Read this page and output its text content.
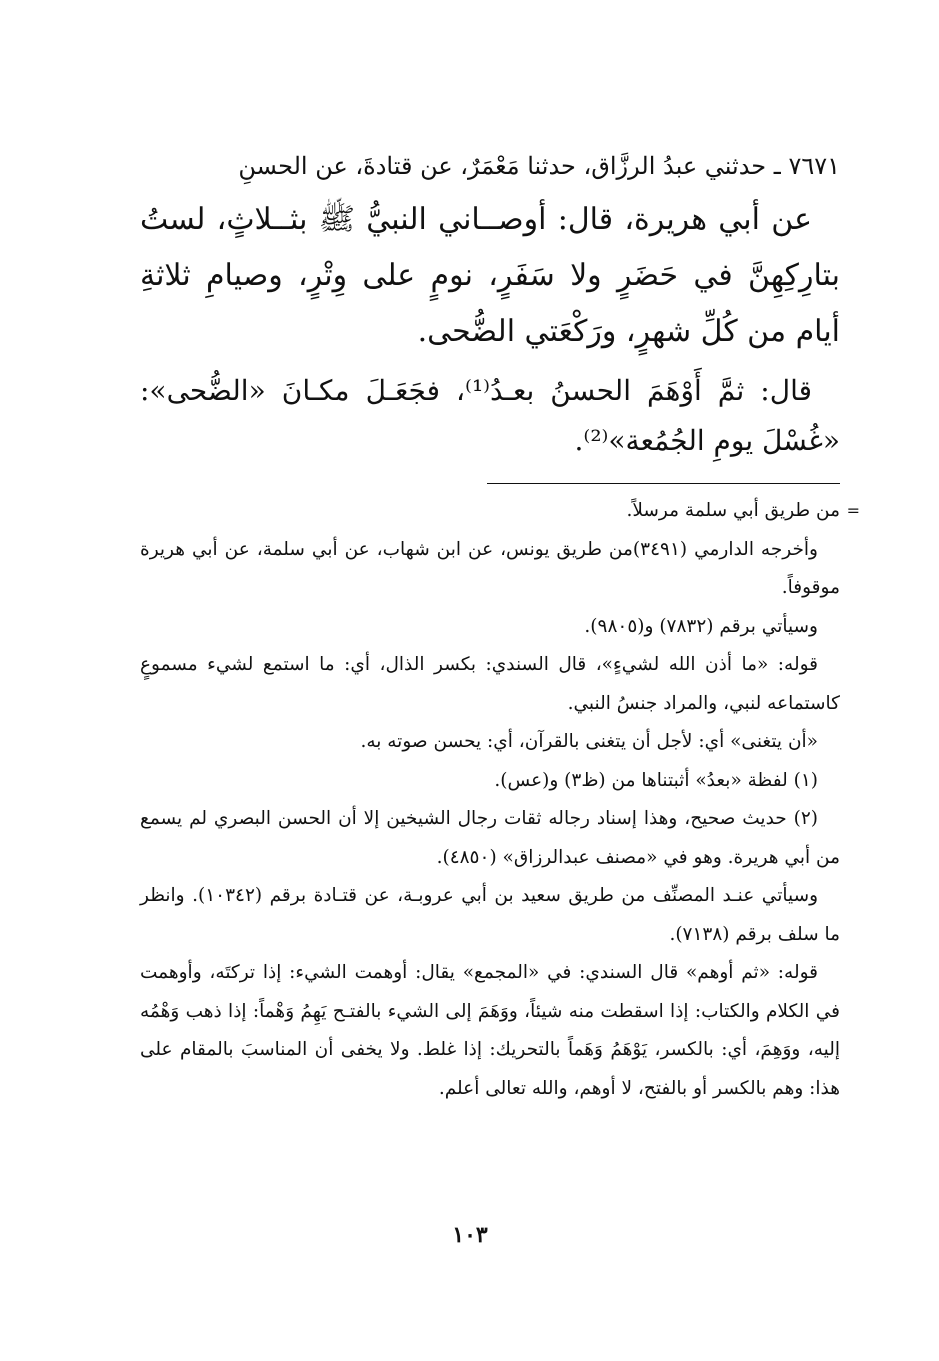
٧٦٧١ ـ حدثني عبدُ الرزَّاق، حدثنا مَعْمَرٌ، عن قتادةَ، عن الحسنِ

عن أبي هريرة، قال: أوصــاني النبيُّ ﷺ بثــلاثٍ، لستُ بتارِكِهِنَّ في حَضَرٍ ولا سَفَرٍ، نومٍ على وِتْرٍ، وصيامِ ثلاثةِ أيام من كُلِّ شهرٍ، ورَكْعَتي الضُّحى.

قال: ثمَّ أَوْهَمَ الحسنُ بعـدُ⁽¹⁾، فجَعَـلَ مكـانَ «الضُّحى»: «غُسْلَ يومِ الجُمُعة»⁽²⁾.

=
من طريق أبي سلمة مرسلاً.

وأخرجه الدارمي (٣٤٩١)من طريق يونس، عن ابن شهاب، عن أبي سلمة، عن أبي هريرة موقوفاً.

وسيأتي برقم (٧٨٣٢) و(٩٨٠٥).

قوله: «ما أذن الله لشيءٍ»، قال السندي: بكسر الذال، أي: ما استمع لشيء مسموعٍ كاستماعه لنبي، والمراد جنسُ النبي.

«أن يتغنى» أي: لأجل أن يتغنى بالقرآن، أي: يحسن صوته به.

(١) لفظة «بعدُ» أثبتناها من (ظ٣) و(عس).

(٢) حديث صحيح، وهذا إسناد رجاله ثقات رجال الشيخين إلا أن الحسن البصري لم يسمع من أبي هريرة. وهو في «مصنف عبدالرزاق» (٤٨٥٠).

وسيأتي عنـد المصنِّف من طريق سعيد بن أبي عروبـة، عن قتـادة برقم (١٠٣٤٢). وانظر ما سلف برقم (٧١٣٨).

قوله: «ثم أوهم» قال السندي: في «المجمع» يقال: أوهمت الشيء: إذا تركتَه، وأوهمت في الكلام والكتاب: إذا اسقطت منه شيئاً، ووَهَمَ إلى الشيء بالفتـح يَهِمُ وَهْماً: إذا ذهب وَهْمُه إليه، ووَهِمَ، أي: بالكسر، يَوْهَمُ وَهَماً بالتحريك: إذا غلط. ولا يخفى أن المناسبَ بالمقام على هذا: وهم بالكسر أو بالفتح، لا أوهم، والله تعالى أعلم.

١٠٣
